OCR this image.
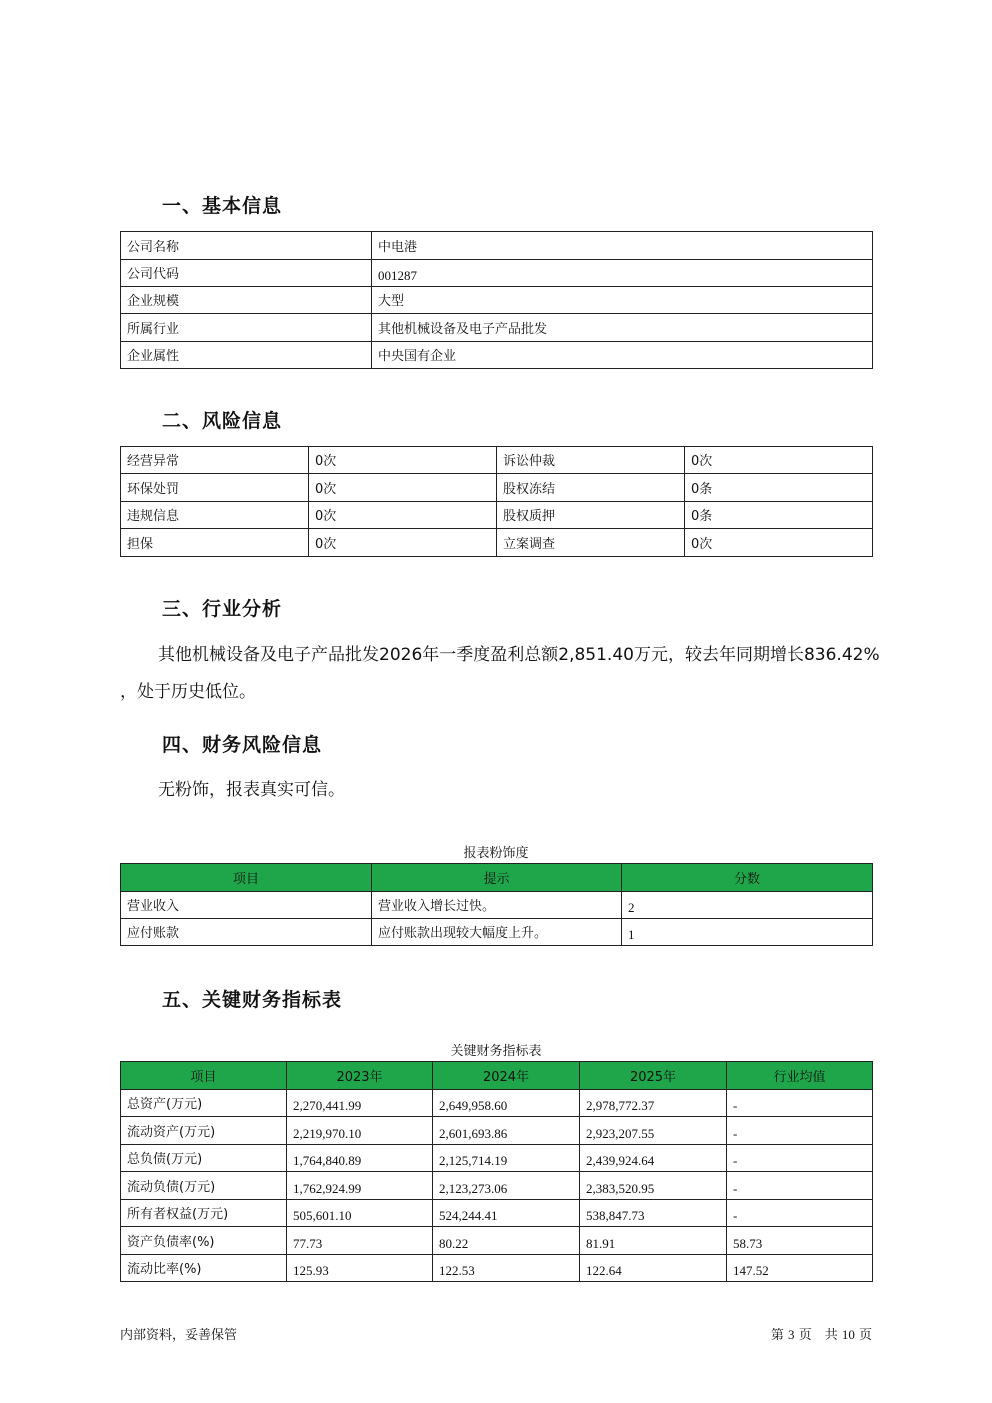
一、基本信息
公司名称	中电港
公司代码	001287
企业规模	大型
所属行业	其他机械设备及电子产品批发
企业属性	中央国有企业
二、风险信息
经营异常	0次	诉讼仲裁	0次
环保处罚	0次	股权冻结	0条
违规信息	0次	股权质押	0条
担保	0次	立案调查	0次
三、行业分析
其他机械设备及电子产品批发2026年一季度盈利总额2,851.40万元，较去年同期增长836.42%
，处于历史低位。
四、财务风险信息
无粉饰，报表真实可信。
报表粉饰度
项目	提示	分数
营业收入	营业收入增长过快。	2
应付账款	应付账款出现较大幅度上升。	1
五、关键财务指标表
关键财务指标表
项目	2023年	2024年	2025年	行业均值
总资产(万元)	2,270,441.99	2,649,958.60	2,978,772.37	-
流动资产(万元)	2,219,970.10	2,601,693.86	2,923,207.55	-
总负债(万元)	1,764,840.89	2,125,714.19	2,439,924.64	-
流动负债(万元)	1,762,924.99	2,123,273.06	2,383,520.95	-
所有者权益(万元)	505,601.10	524,244.41	538,847.73	-
资产负债率(%)	77.73	80.22	81.91	58.73
流动比率(%)	125.93	122.53	122.64	147.52
内部资料，妥善保管	第 3 页　共 10 页
